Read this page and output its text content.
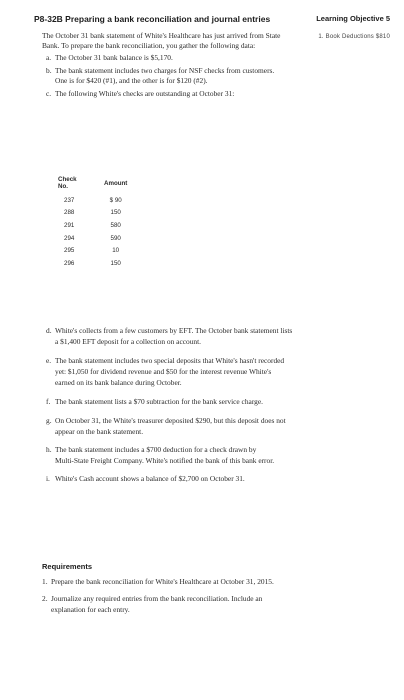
P8-32B Preparing a bank reconciliation and journal entries	Learning Objective 5
1. Book Deductions $810
The October 31 bank statement of White's Healthcare has just arrived from State
Bank. To prepare the bank reconciliation, you gather the following data:
a. The October 31 bank balance is $5,170.
b. The bank statement includes two charges for NSF checks from customers.
One is for $420 (#1), and the other is for $120 (#2).
c. The following White's checks are outstanding at October 31:
Check No.	Amount
237	$ 90
288	150
291	580
294	590
295	10
296	150
d. White's collects from a few customers by EFT. The October bank statement lists
a $1,400 EFT deposit for a collection on account.
e. The bank statement includes two special deposits that White's hasn't recorded
yet: $1,050 for dividend revenue and $50 for the interest revenue White's
earned on its bank balance during October.
f. The bank statement lists a $70 subtraction for the bank service charge.
g. On October 31, the White's treasurer deposited $290, but this deposit does not
appear on the bank statement.
h. The bank statement includes a $700 deduction for a check drawn by
Multi-State Freight Company. White's notified the bank of this bank error.
i. White's Cash account shows a balance of $2,700 on October 31.
Requirements
1. Prepare the bank reconciliation for White's Healthcare at October 31, 2015.
2. Journalize any required entries from the bank reconciliation. Include an
explanation for each entry.
